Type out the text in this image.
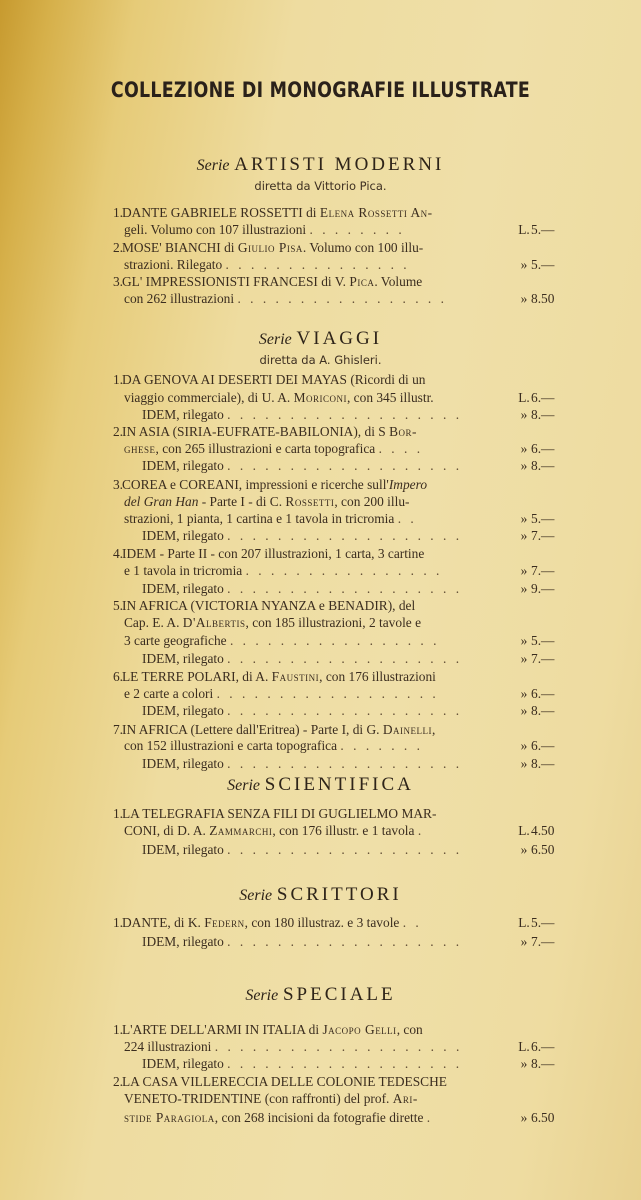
COLLEZIONE DI MONOGRAFIE ILLUSTRATE
Serie ARTISTI MODERNI
diretta da Vittorio Pica.
1. DANTE GABRIELE ROSSETTI di Elena Rossetti An-
geli. Volumo con 107 illustrazioni . . . . . . . .	L. 5.—
2. MOSE' BIANCHI di Giulio Pisa. Volumo con 100 illu-
strazioni. Rilegato . . . . . . . . . . . . . . .	» 5.—
3. GL' IMPRESSIONISTI FRANCESI di V. Pica. Volume
con 262 illustrazioni . . . . . . . . . . . . . . . . .	» 8.50
Serie VIAGGI
diretta da A. Ghisleri.
1. DA GENOVA AI DESERTI DEI MAYAS (Ricordi di un
viaggio commerciale), di U. A. Moriconi, con 345 illustr.	L. 6.—
IDEM, rilegato . . . . . . . . . . . . . . . . . . .	» 8.—
2. IN ASIA (SIRIA-EUFRATE-BABILONIA), di S Bor-
ghese, con 265 illustrazioni e carta topografica . . . .	» 6.—
IDEM, rilegato . . . . . . . . . . . . . . . . . . .	» 8.—
3. COREA e COREANI, impressioni e ricerche sull'Impero
del Gran Han - Parte I - di C. Rossetti, con 200 illu-
strazioni, 1 pianta, 1 cartina e 1 tavola in tricromia . .	» 5.—
IDEM, rilegato . . . . . . . . . . . . . . . . . . .	» 7.—
4. IDEM - Parte II - con 207 illustrazioni, 1 carta, 3 cartine
e 1 tavola in tricromia . . . . . . . . . . . . . . . .	» 7.—
IDEM, rilegato . . . . . . . . . . . . . . . . . . .	» 9.—
5. IN AFRICA (VICTORIA NYANZA e BENADIR), del
Cap. E. A. D'Albertis, con 185 illustrazioni, 2 tavole e
3 carte geografiche . . . . . . . . . . . . . . . . .	» 5.—
IDEM, rilegato . . . . . . . . . . . . . . . . . . .	» 7.—
6. LE TERRE POLARI, di A. Faustini, con 176 illustrazioni
e 2 carte a colori . . . . . . . . . . . . . . . . . .	» 6.—
IDEM, rilegato . . . . . . . . . . . . . . . . . . .	» 8.—
7. IN AFRICA (Lettere dall'Eritrea) - Parte I, di G. Dainelli,
con 152 illustrazioni e carta topografica . . . . . . .	» 6.—
IDEM, rilegato . . . . . . . . . . . . . . . . . . .	» 8.—
Serie SCIENTIFICA
1. LA TELEGRAFIA SENZA FILI DI GUGLIELMO MAR-
CONI, di D. A. Zammarchi, con 176 illustr. e 1 tavola .	L. 4.50
IDEM, rilegato . . . . . . . . . . . . . . . . . . .	» 6.50
Serie SCRITTORI
1. DANTE, di K. Federn, con 180 illustraz. e 3 tavole . .	L. 5.—
IDEM, rilegato . . . . . . . . . . . . . . . . . . .	» 7.—
Serie SPECIALE
1. L'ARTE DELL'ARMI IN ITALIA di Jacopo Gelli, con
224 illustrazioni . . . . . . . . . . . . . . . . . . . .	L. 6.—
IDEM, rilegato . . . . . . . . . . . . . . . . . . .	» 8.—
2. LA CASA VILLERECCIA DELLE COLONIE TEDESCHE
VENETO-TRIDENTINE (con raffronti) del prof. Ari-
stide Paragiola, con 268 incisioni da fotografie dirette .	» 6.50
